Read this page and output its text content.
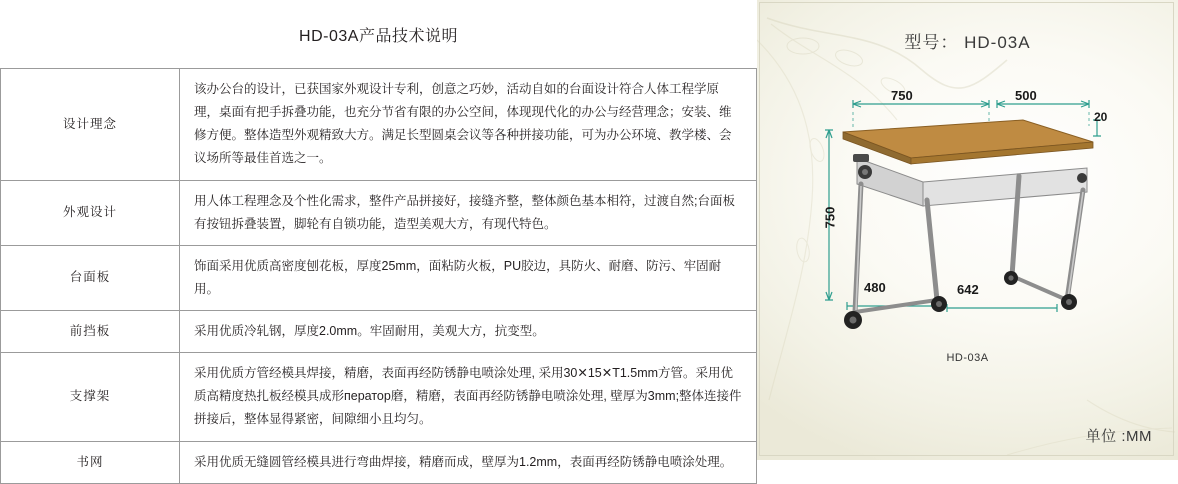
HD-03A产品技术说明
设计理念	该办公台的设计，已获国家外观设计专利，创意之巧妙，活动自如的台面设计符合人体工程学原理，桌面有把手拆叠功能，也充分节省有限的办公空间，体现现代化的办公与经营理念；安装、维修方便。整体造型外观精致大方。满足长型圆桌会议等各种拼接功能，可为办公环境、教学楼、会议场所等最佳首选之一。
外观设计	用人体工程理念及个性化需求，整件产品拼接好，接缝齐整，整体颜色基本相符，过渡自然;台面板有按钮拆叠装置，脚轮有自锁功能，造型美观大方，有现代特色。
台面板	饰面采用优质高密度刨花板，厚度25mm，面粘防火板，PU胶边，具防火、耐磨、防污、牢固耐用。
前挡板	采用优质冷轧钢，厚度2.0mm。牢固耐用，美观大方，抗变型。
支撑架	采用优质方管经模具焊接，精磨，表面再经防锈静电喷涂处理, 采用30✕15✕T1.5mm方管。采用优质高精度热扎板经模具成形ператор磨，精磨，表面再经防锈静电喷涂处理, 壁厚为3mm;整体连接件拼接后，整体显得紧密，间隙细小且均匀。
书网	采用优质无缝圆管经模具进行弯曲焊接，精磨而成，壁厚为1.2mm，表面再经防锈静电喷涂处理。
型号： HD-03A
750	500
20
750
480	642
HD-03A
单位 :MM
